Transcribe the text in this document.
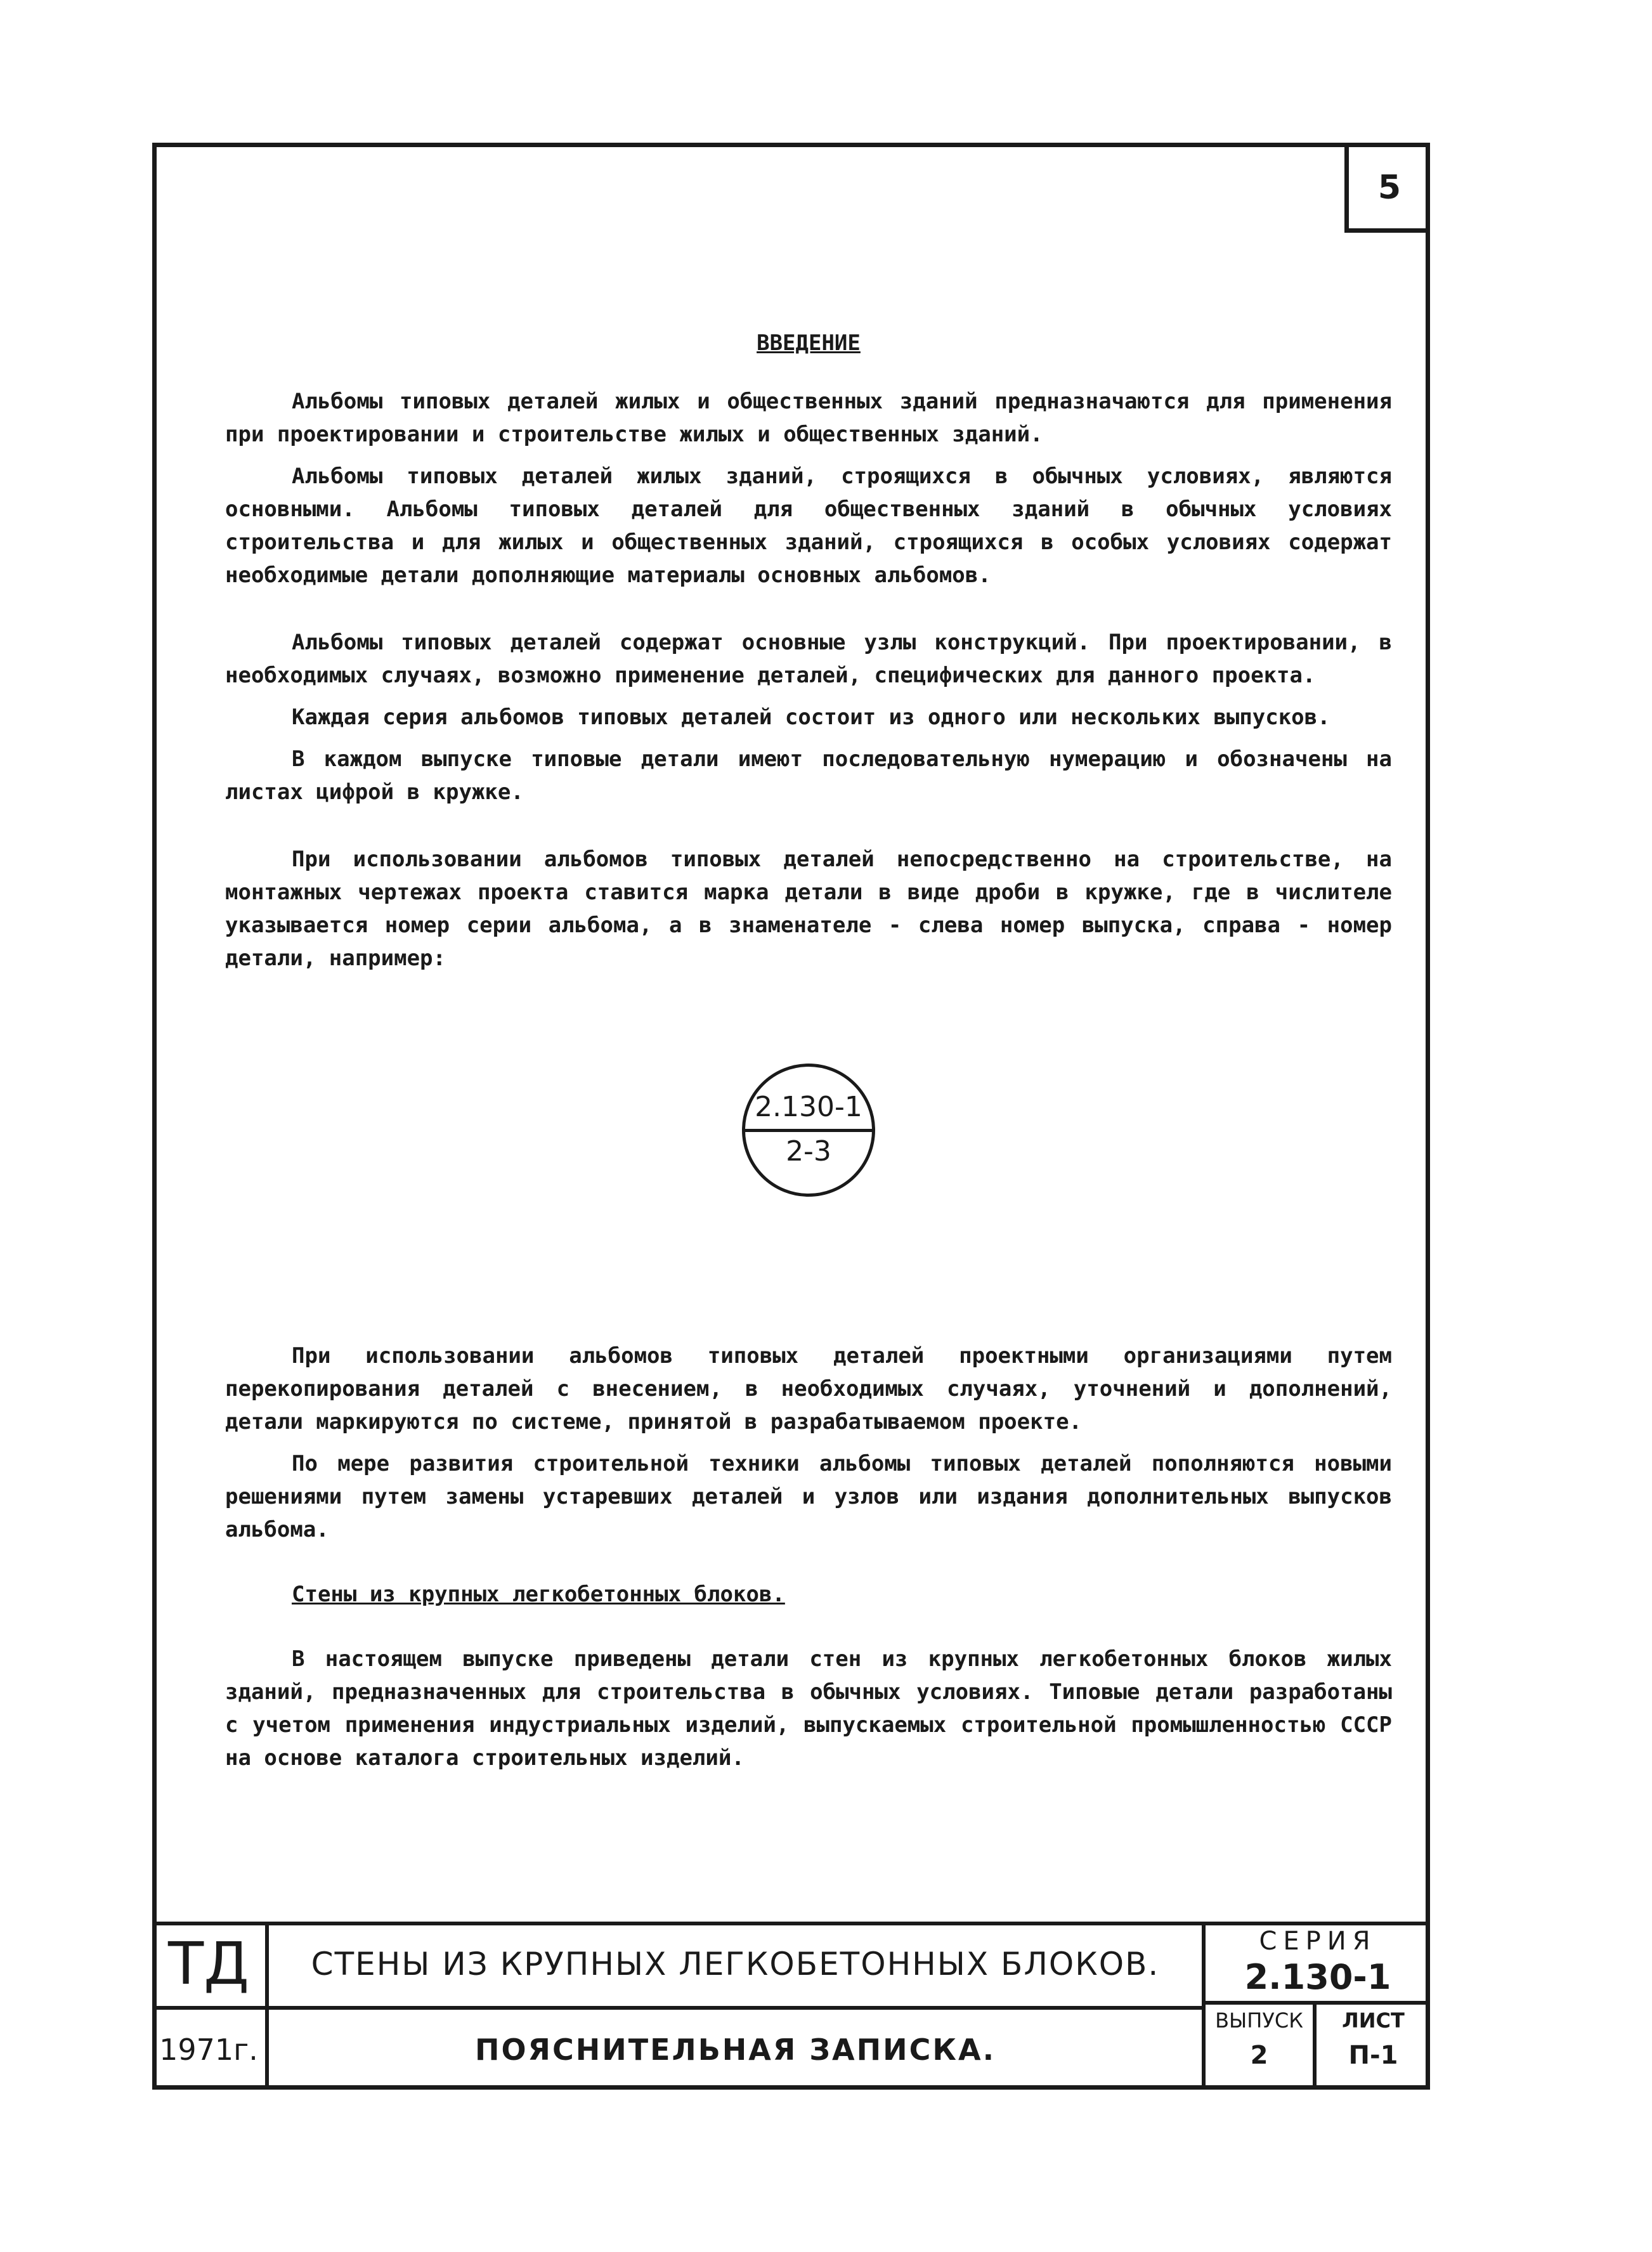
5
ВВЕДЕНИЕ

Альбомы типовых деталей жилых и общественных зданий предназначаются для применения при проектировании и строительстве жилых и общественных зданий.

Альбомы типовых деталей жилых зданий, строящихся в обычных условиях, являются основными. Альбомы типовых деталей для общественных зданий в обычных условиях строительства и для жилых и общественных зданий, строящихся в особых условиях содержат необходимые детали дополняющие материалы основных альбомов.

Альбомы типовых деталей содержат основные узлы конструкций. При проектировании, в необходимых случаях, возможно применение деталей, специфических для данного проекта.

Каждая серия альбомов типовых деталей состоит из одного или нескольких выпусков.

В каждом выпуске типовые детали имеют последовательную нумерацию и обозначены на листах цифрой в кружке.

При использовании альбомов типовых деталей непосредственно на строительстве, на монтажных чертежах проекта ставится марка детали в виде дроби в кружке, где в числителе указывается номер серии альбома, а в знаменателе - слева номер выпуска, справа - номер детали, например:

2.130-1
2-3

При использовании альбомов типовых деталей проектными организациями путем перекопирования деталей с внесением, в необходимых случаях, уточнений и дополнений, детали маркируются по системе, принятой в разрабатываемом проекте.

По мере развития строительной техники альбомы типовых деталей пополняются новыми решениями путем замены устаревших деталей и узлов или издания дополнительных выпусков альбома.

Стены из крупных легкобетонных блоков.

В настоящем выпуске приведены детали стен из крупных легкобетонных блоков жилых зданий, предназначенных для строительства в обычных условиях. Типовые детали разработаны с учетом применения индустриальных изделий, выпускаемых строительной промышленностью СССР на основе каталога строительных изделий.

ТД
1971г.
СТЕНЫ ИЗ КРУПНЫХ ЛЕГКОБЕТОННЫХ БЛОКОВ.
ПОЯСНИТЕЛЬНАЯ ЗАПИСКА.
СЕРИЯ
2.130-1
ВЫПУСК
2
ЛИСТ
П-1
